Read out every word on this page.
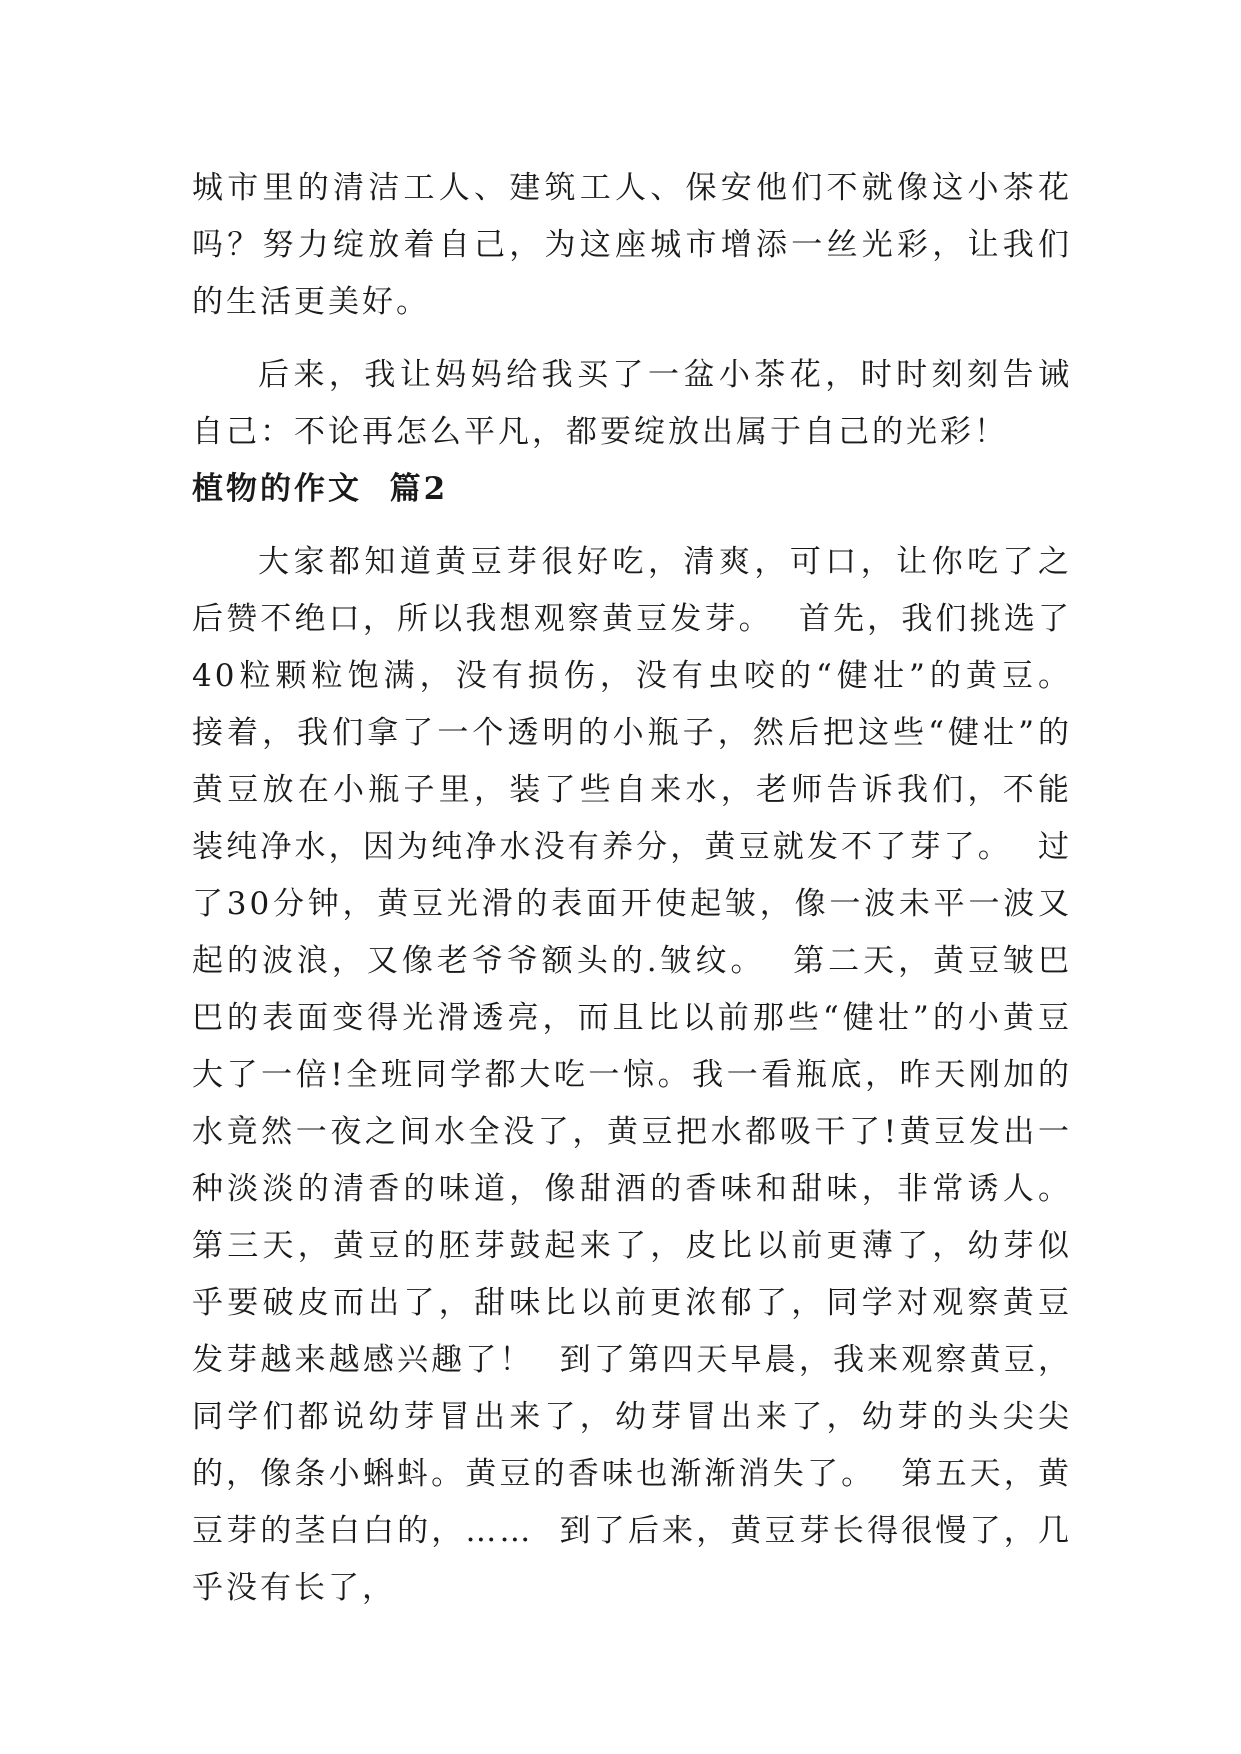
城市里的清洁工人、建筑工人、保安他们不就像这小茶花吗？努力绽放着自己，为这座城市增添一丝光彩，让我们的生活更美好。

后来，我让妈妈给我买了一盆小茶花，时时刻刻告诫自己：不论再怎么平凡，都要绽放出属于自己的光彩！

植物的作文  篇2

大家都知道黄豆芽很好吃，清爽，可口，让你吃了之后赞不绝口，所以我想观察黄豆发芽。  首先，我们挑选了40粒颗粒饱满，没有损伤，没有虫咬的“健壮”的黄豆。  接着，我们拿了一个透明的小瓶子，然后把这些“健壮”的黄豆放在小瓶子里，装了些自来水，老师告诉我们，不能装纯净水，因为纯净水没有养分，黄豆就发不了芽了。  过了30分钟，黄豆光滑的表面开使起皱，像一波未平一波又起的波浪，又像老爷爷额头的.皱纹。  第二天，黄豆皱巴巴的表面变得光滑透亮，而且比以前那些“健壮”的小黄豆大了一倍!全班同学都大吃一惊。我一看瓶底，昨天刚加的水竟然一夜之间水全没了，黄豆把水都吸干了!黄豆发出一种淡淡的清香的味道，像甜酒的香味和甜味，非常诱人。  第三天，黄豆的胚芽鼓起来了，皮比以前更薄了，幼芽似乎要破皮而出了，甜味比以前更浓郁了，同学对观察黄豆发芽越来越感兴趣了！  到了第四天早晨，我来观察黄豆，同学们都说幼芽冒出来了，幼芽冒出来了，幼芽的头尖尖的，像条小蝌蚪。黄豆的香味也渐渐消失了。  第五天，黄豆芽的茎白白的，……  到了后来，黄豆芽长得很慢了，几乎没有长了，
